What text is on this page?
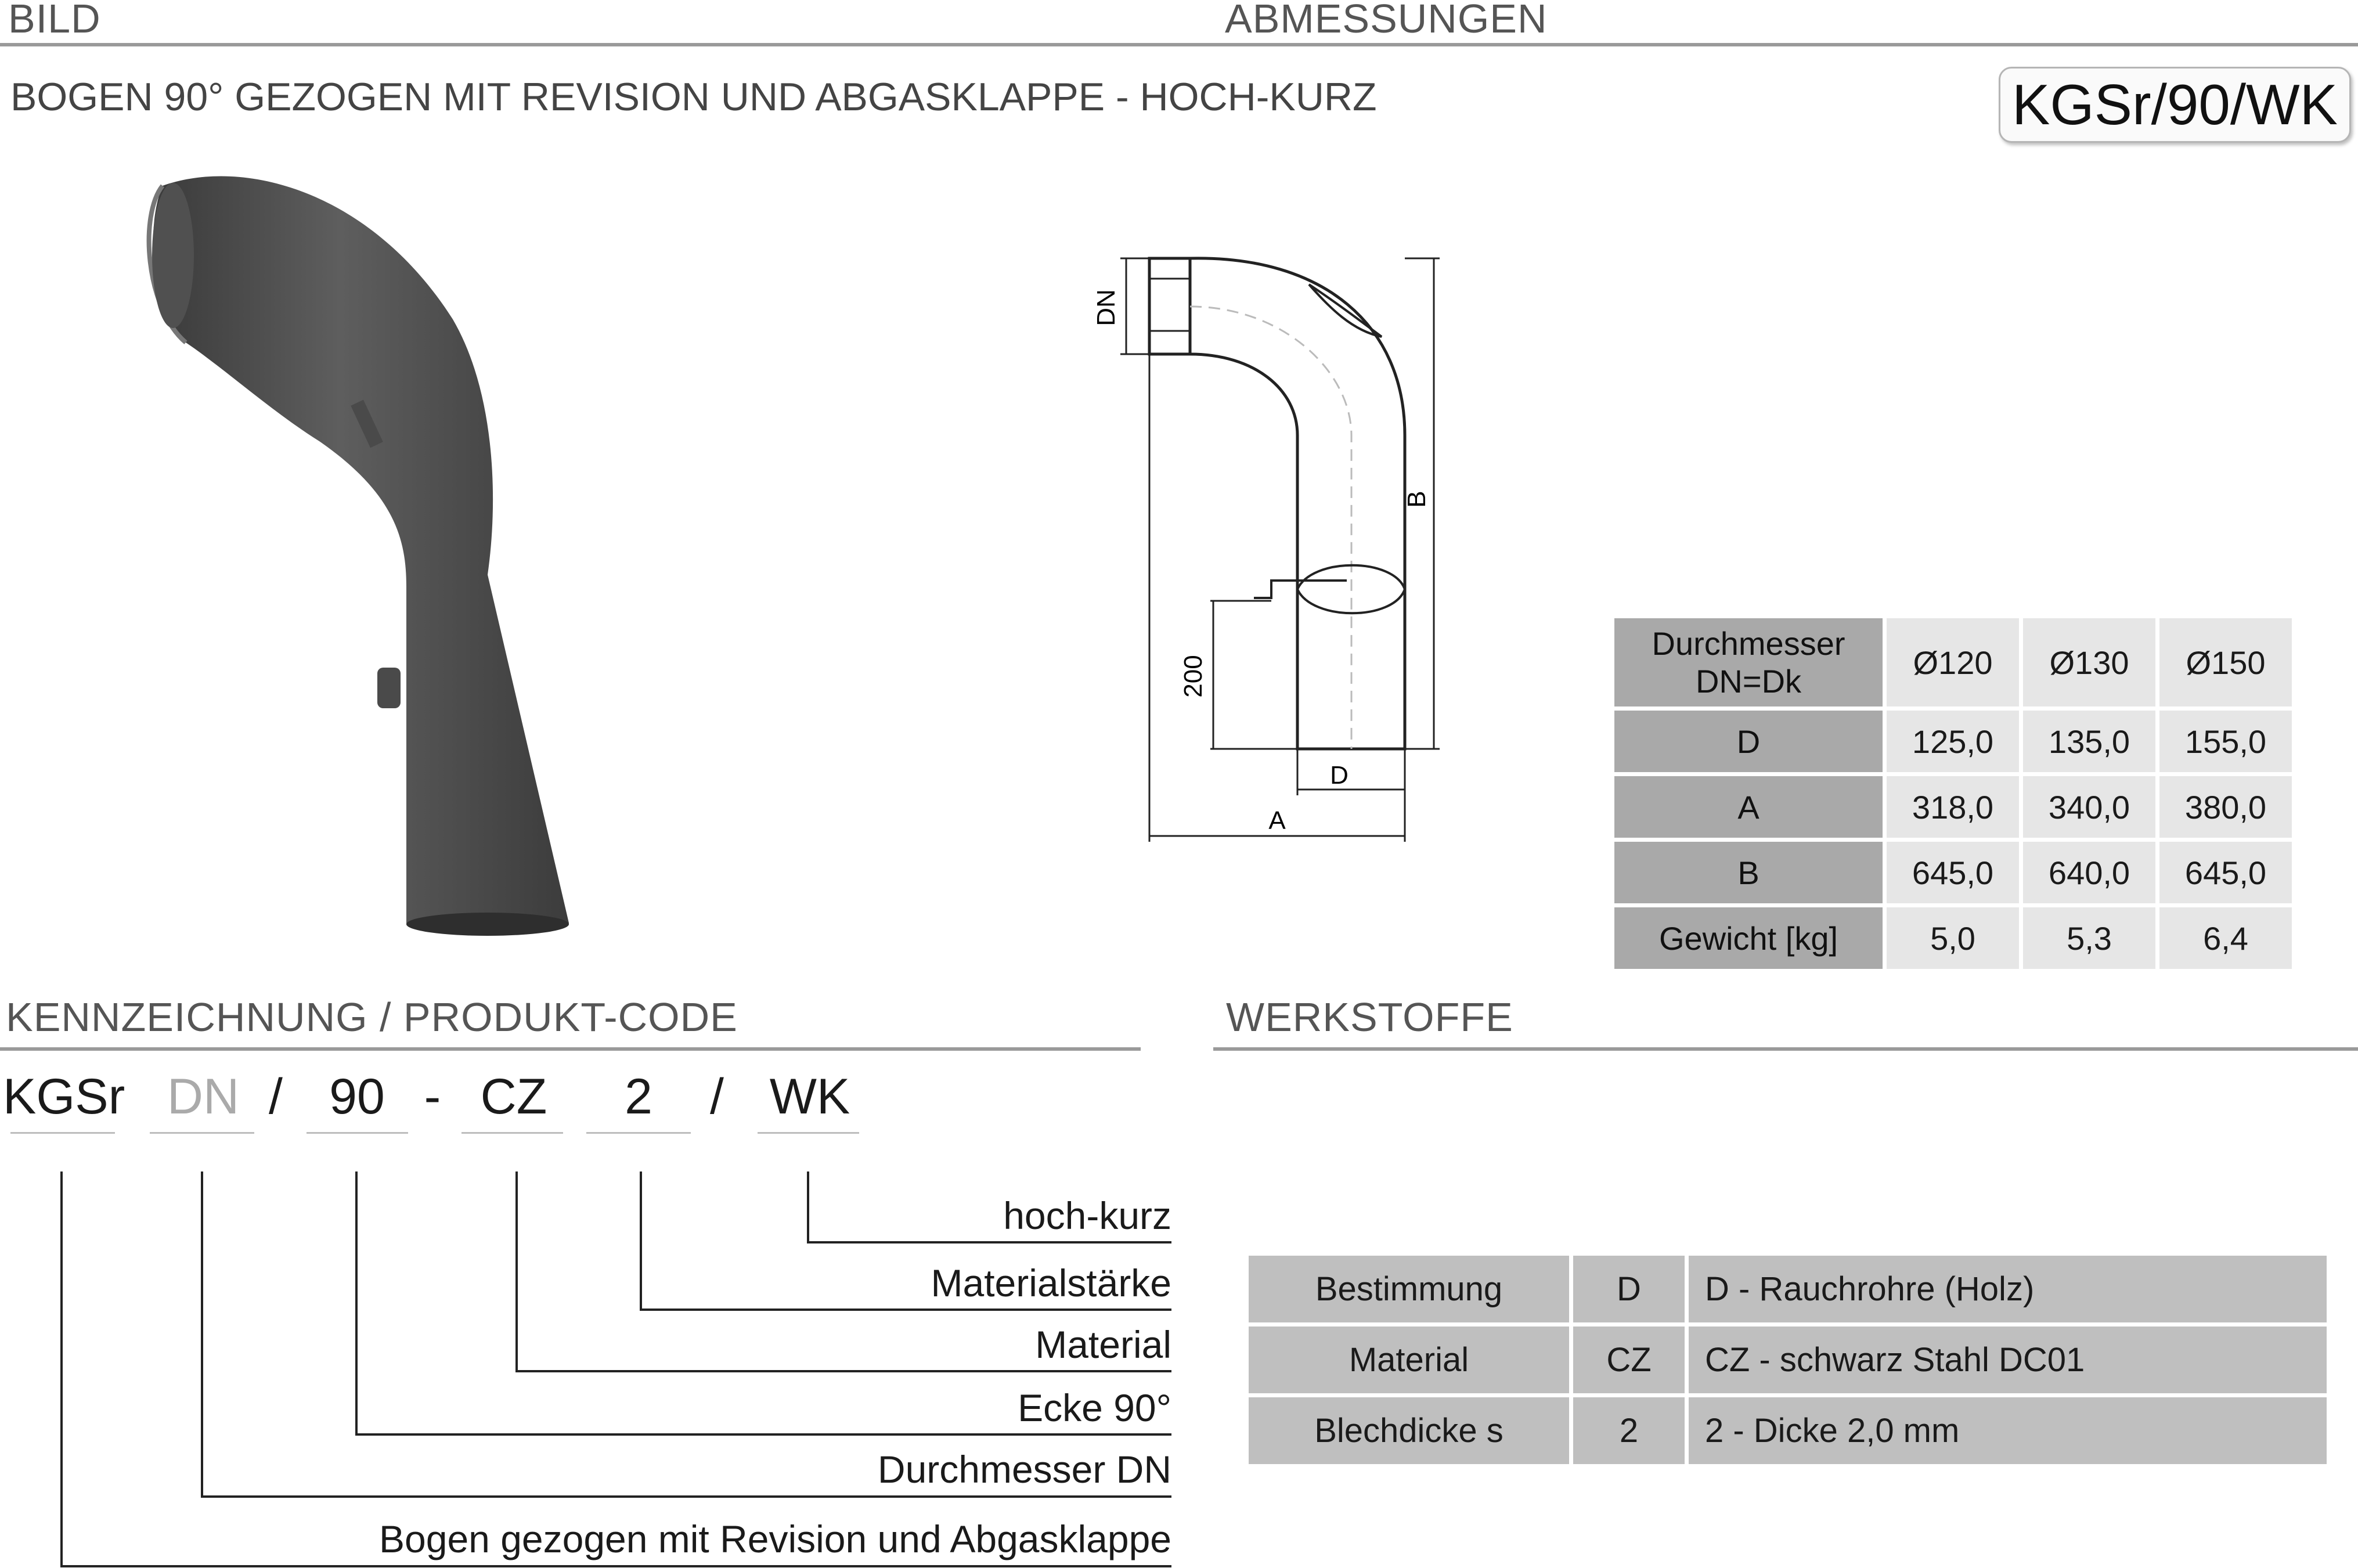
BILD	ABMESSUNGEN
BOGEN 90° GEZOGEN MIT REVISION UND ABGASKLAPPE - HOCH-KURZ	KGSr/90/WK
DN
B
200
D
A
Durchmesser DN=Dk	Ø120	Ø130	Ø150
D	125,0	135,0	155,0
A	318,0	340,0	380,0
B	645,0	640,0	645,0
Gewicht [kg]	5,0	5,3	6,4
KENNZEICHNUNG / PRODUKT-CODE	WERKSTOFFE
KGSr DN / 90 - CZ	2	/ WK
hoch-kurz
Materialstärke
Material
Ecke 90°
Durchmesser DN
Bogen gezogen mit Revision und Abgasklappe
Bestimmung	D	D - Rauchrohre (Holz)
Material	CZ	CZ - schwarz Stahl DC01
Blechdicke s	2	2 - Dicke 2,0 mm
